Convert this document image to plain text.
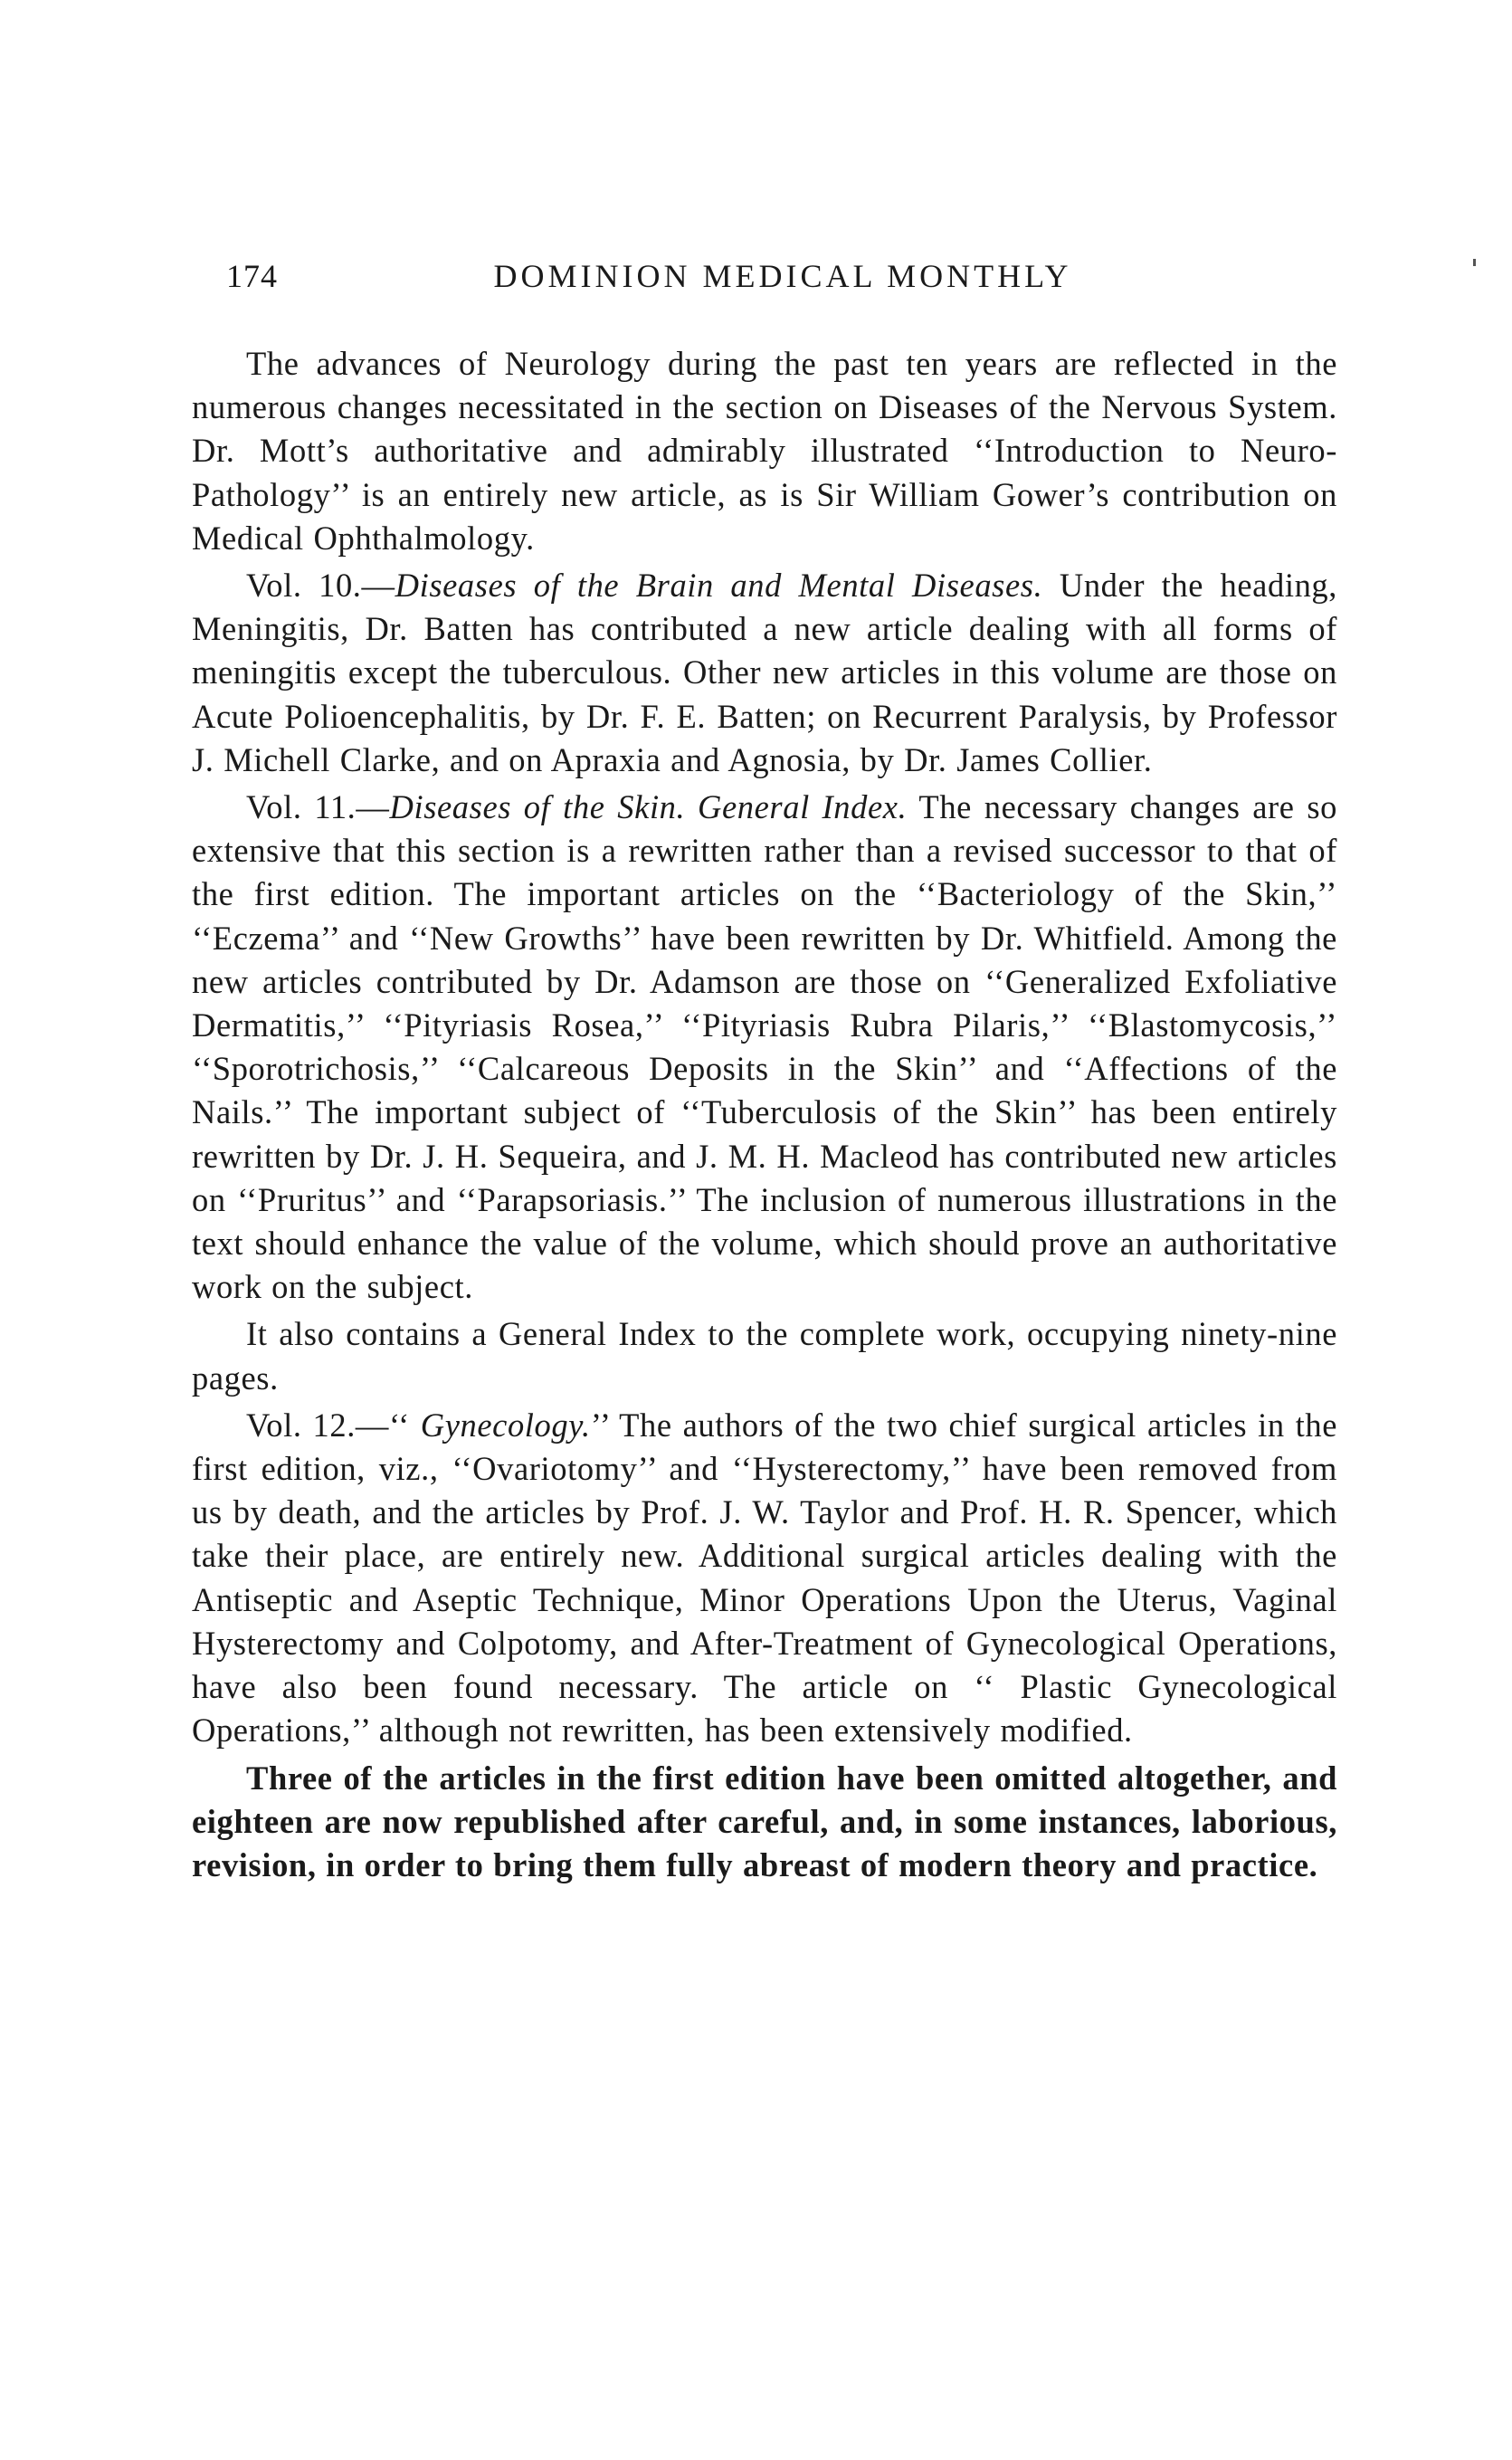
174	DOMINION MEDICAL MONTHLY

The advances of Neurology during the past ten years are reflected in the numerous changes necessitated in the section on Diseases of the Nervous System. Dr. Mott’s authoritative and admirably illustrated ‘‘Introduction to Neuro-Pathology’’ is an entirely new article, as is Sir William Gower’s contribution on Medical Ophthalmology.

Vol. 10.—Diseases of the Brain and Mental Diseases. Under the heading, Meningitis, Dr. Batten has contributed a new article dealing with all forms of meningitis except the tuberculous. Other new articles in this volume are those on Acute Polioencephalitis, by Dr. F. E. Batten; on Recurrent Paralysis, by Professor J. Michell Clarke, and on Apraxia and Agnosia, by Dr. James Collier.

Vol. 11.—Diseases of the Skin. General Index. The necessary changes are so extensive that this section is a rewritten rather than a revised successor to that of the first edition. The important articles on the ‘‘Bacteriology of the Skin,’’ ‘‘Eczema’’ and ‘‘New Growths’’ have been rewritten by Dr. Whitfield. Among the new articles contributed by Dr. Adamson are those on ‘‘Generalized Exfoliative Dermatitis,’’ ‘‘Pityriasis Rosea,’’ ‘‘Pityriasis Rubra Pilaris,’’ ‘‘Blastomycosis,’’ ‘‘Sporotrichosis,’’ ‘‘Calcareous Deposits in the Skin’’ and ‘‘Affections of the Nails.’’ The important subject of ‘‘Tuberculosis of the Skin’’ has been entirely rewritten by Dr. J. H. Sequeira, and J. M. H. Macleod has contributed new articles on ‘‘Pruritus’’ and ‘‘Parapsoriasis.’’ The inclusion of numerous illustrations in the text should enhance the value of the volume, which should prove an authoritative work on the subject.

It also contains a General Index to the complete work, occupying ninety-nine pages.

Vol. 12.—‘‘ Gynecology.’’ The authors of the two chief surgical articles in the first edition, viz., ‘‘Ovariotomy’’ and ‘‘Hysterectomy,’’ have been removed from us by death, and the articles by Prof. J. W. Taylor and Prof. H. R. Spencer, which take their place, are entirely new. Additional surgical articles dealing with the Antiseptic and Aseptic Technique, Minor Operations Upon the Uterus, Vaginal Hysterectomy and Colpotomy, and After-Treatment of Gynecological Operations, have also been found necessary. The article on ‘‘ Plastic Gynecological Operations,’’ although not rewritten, has been extensively modified.

Three of the articles in the first edition have been omitted altogether, and eighteen are now republished after careful, and, in some instances, laborious, revision, in order to bring them fully abreast of modern theory and practice.
